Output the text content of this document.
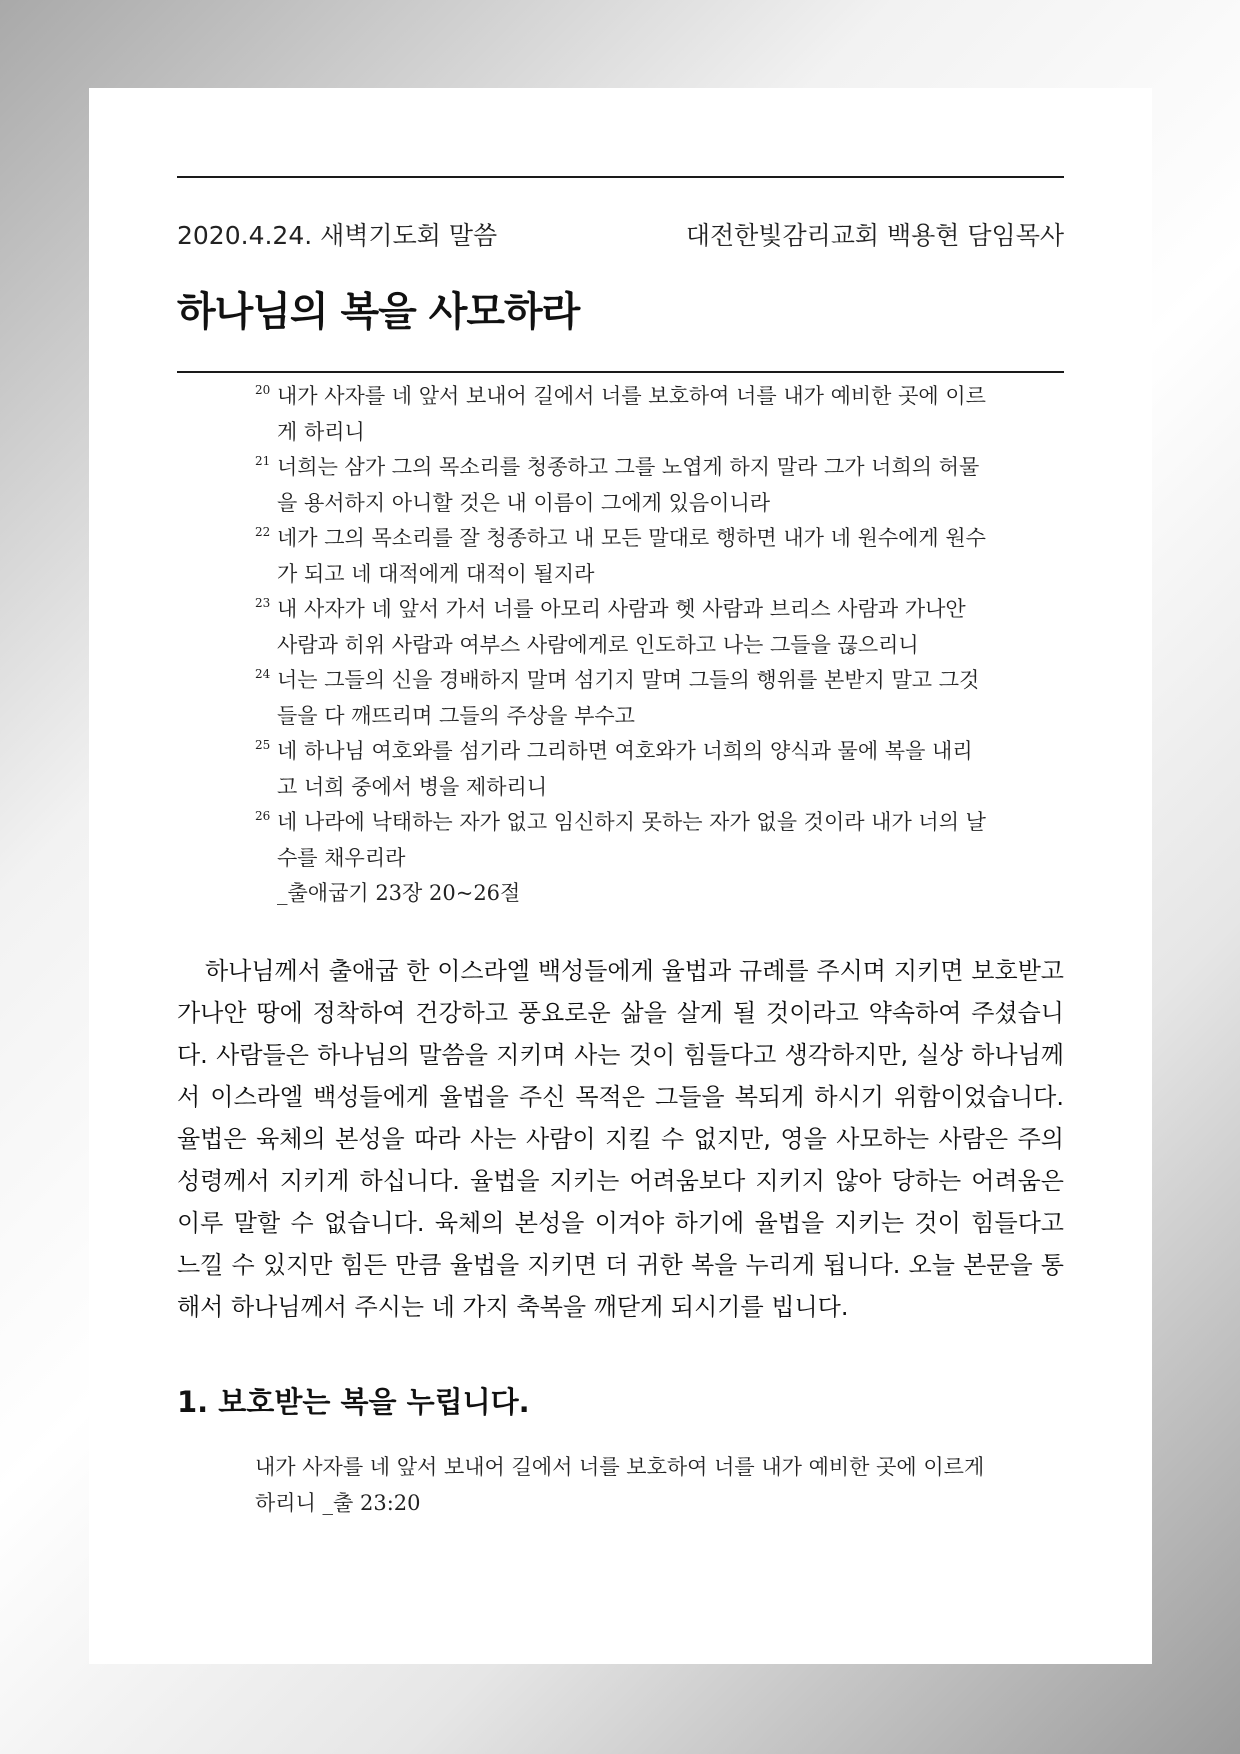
2020.4.24. 새벽기도회 말씀	대전한빛감리교회 백용현 담임목사
하나님의 복을 사모하라
20 내가 사자를 네 앞서 보내어 길에서 너를 보호하여 너를 내가 예비한 곳에 이르게 하리니
21 너희는 삼가 그의 목소리를 청종하고 그를 노엽게 하지 말라 그가 너희의 허물을 용서하지 아니할 것은 내 이름이 그에게 있음이니라
22 네가 그의 목소리를 잘 청종하고 내 모든 말대로 행하면 내가 네 원수에게 원수가 되고 네 대적에게 대적이 될지라
23 내 사자가 네 앞서 가서 너를 아모리 사람과 헷 사람과 브리스 사람과 가나안 사람과 히위 사람과 여부스 사람에게로 인도하고 나는 그들을 끊으리니
24 너는 그들의 신을 경배하지 말며 섬기지 말며 그들의 행위를 본받지 말고 그것들을 다 깨뜨리며 그들의 주상을 부수고
25 네 하나님 여호와를 섬기라 그리하면 여호와가 너희의 양식과 물에 복을 내리고 너희 중에서 병을 제하리니
26 네 나라에 낙태하는 자가 없고 임신하지 못하는 자가 없을 것이라 내가 너의 날 수를 채우리라
_출애굽기 23장 20~26절

하나님께서 출애굽 한 이스라엘 백성들에게 율법과 규례를 주시며 지키면 보호받고 가나안 땅에 정착하여 건강하고 풍요로운 삶을 살게 될 것이라고 약속하여 주셨습니다. 사람들은 하나님의 말씀을 지키며 사는 것이 힘들다고 생각하지만, 실상 하나님께서 이스라엘 백성들에게 율법을 주신 목적은 그들을 복되게 하시기 위함이었습니다. 율법은 육체의 본성을 따라 사는 사람이 지킬 수 없지만, 영을 사모하는 사람은 주의 성령께서 지키게 하십니다. 율법을 지키는 어려움보다 지키지 않아 당하는 어려움은 이루 말할 수 없습니다. 육체의 본성을 이겨야 하기에 율법을 지키는 것이 힘들다고 느낄 수 있지만 힘든 만큼 율법을 지키면 더 귀한 복을 누리게 됩니다. 오늘 본문을 통해서 하나님께서 주시는 네 가지 축복을 깨닫게 되시기를 빕니다.

1. 보호받는 복을 누립니다.
내가 사자를 네 앞서 보내어 길에서 너를 보호하여 너를 내가 예비한 곳에 이르게 하리니 _출 23:20
